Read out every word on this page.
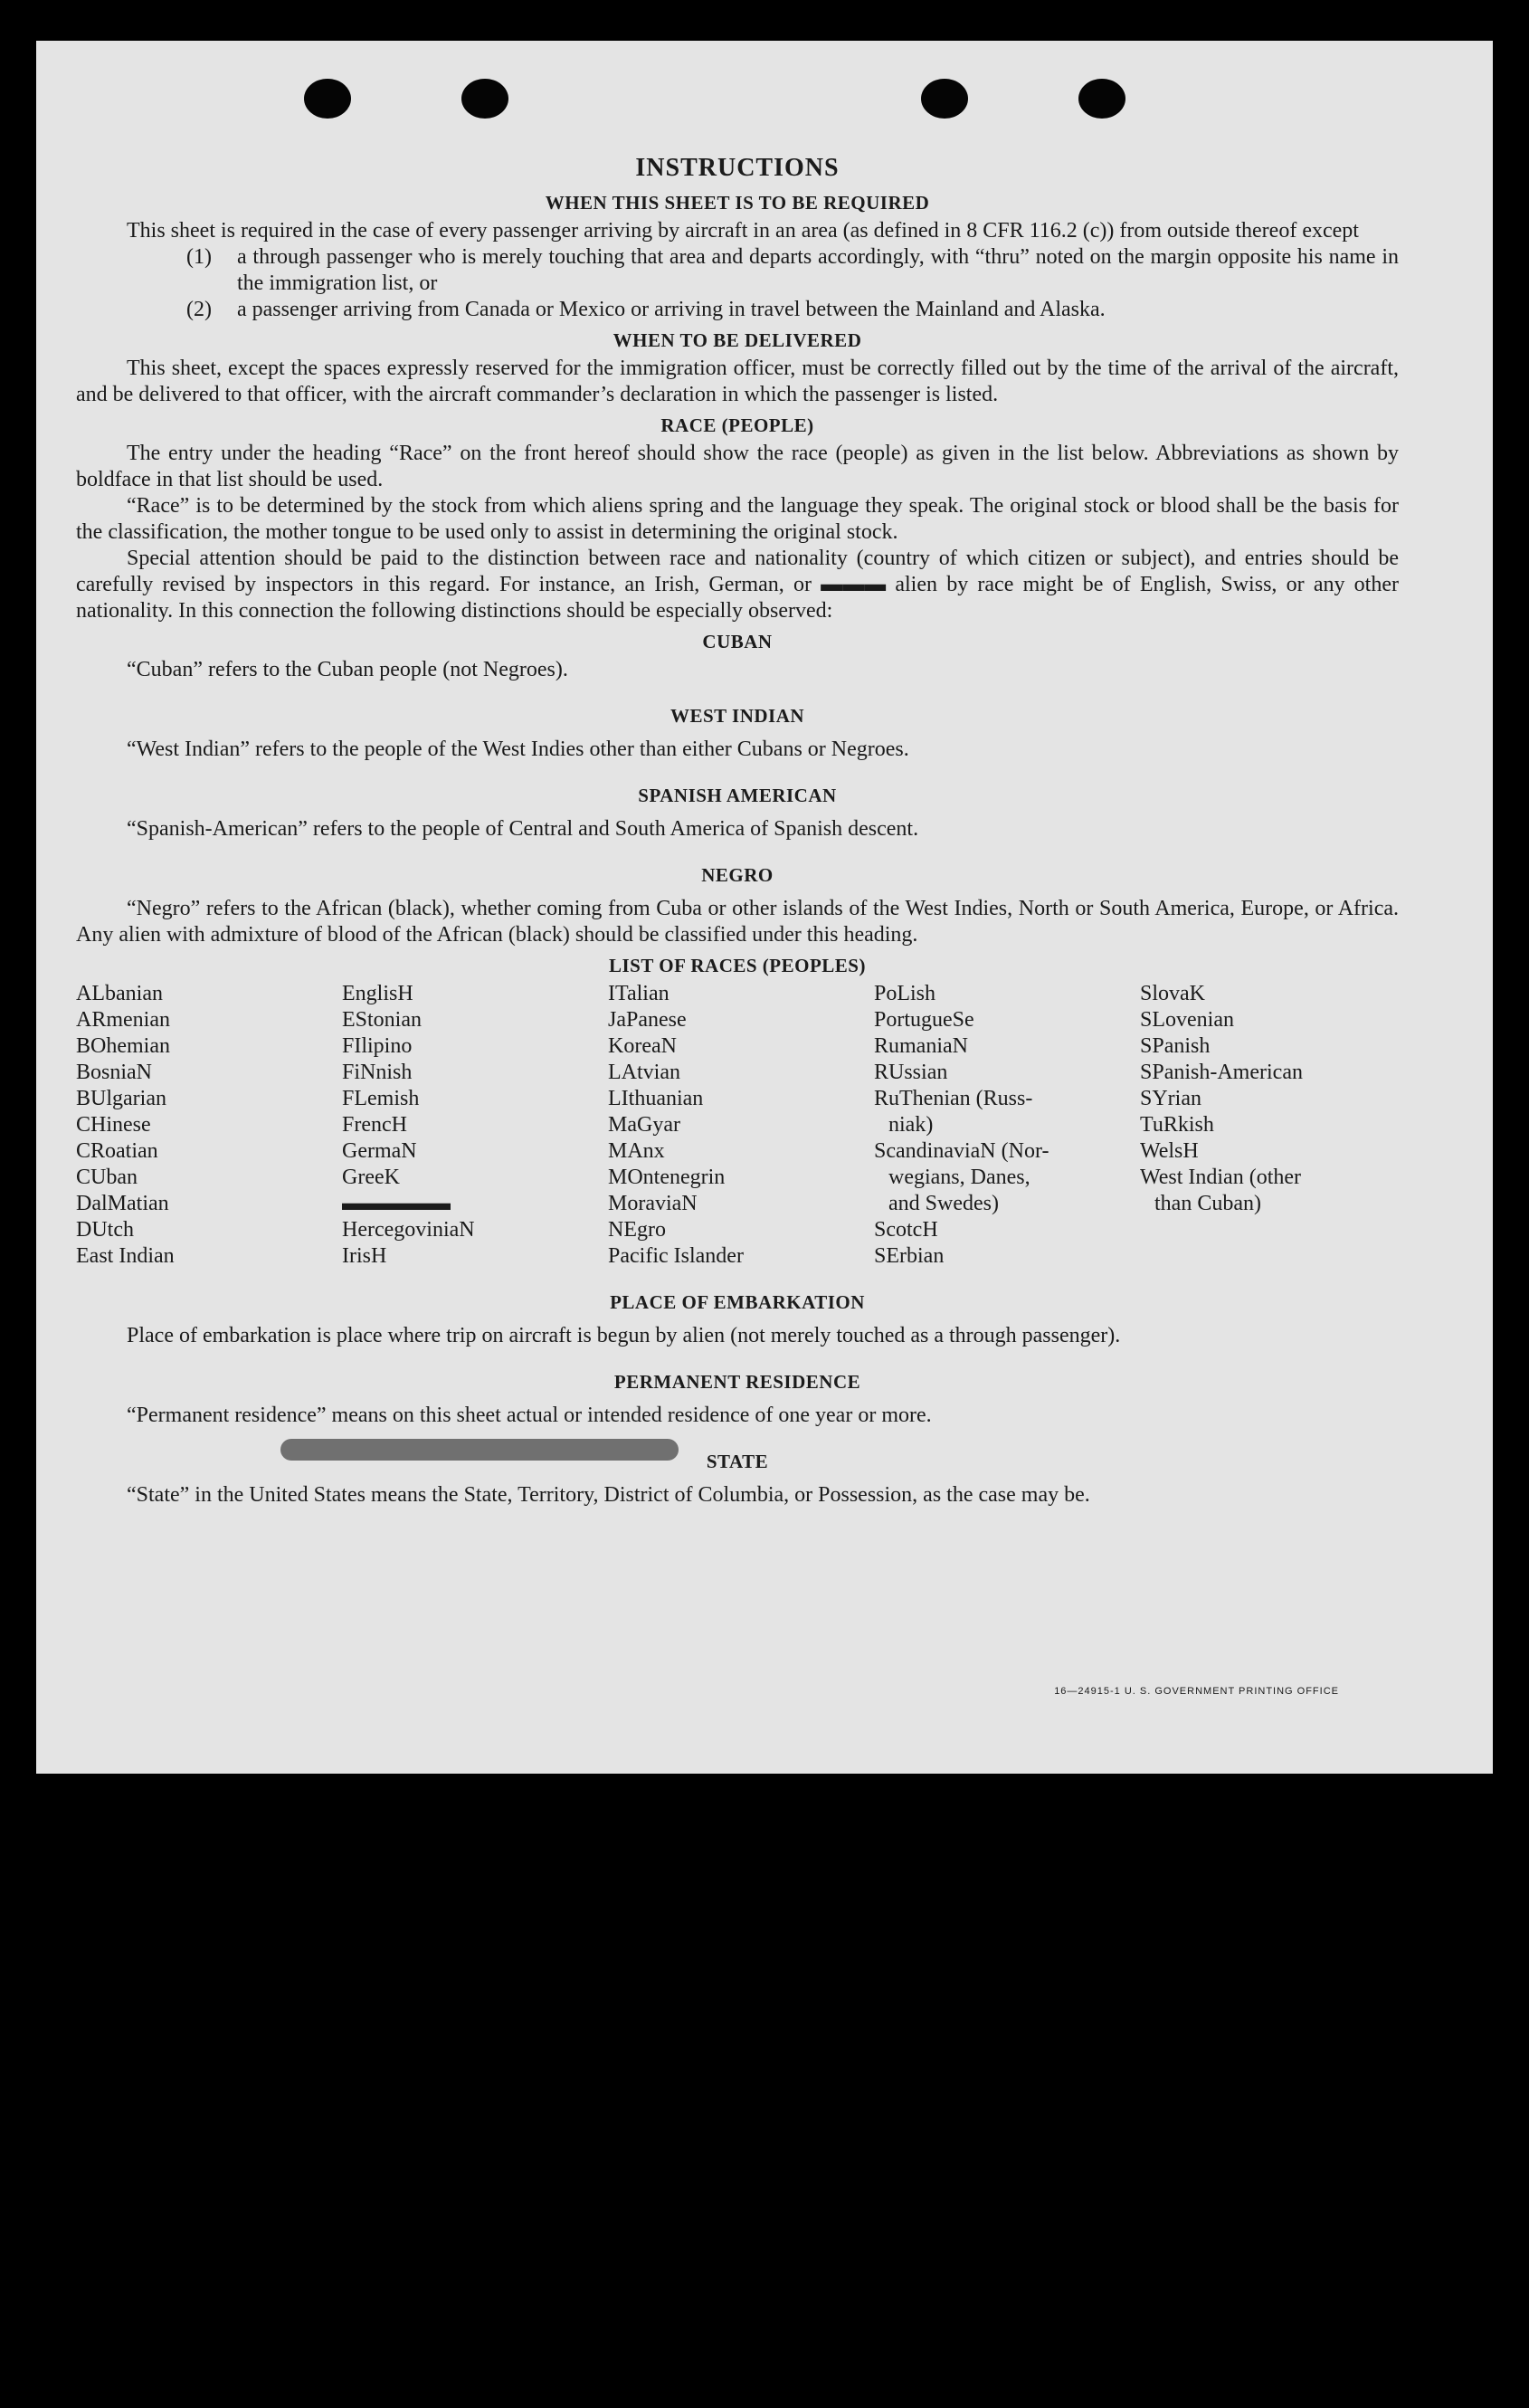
INSTRUCTIONS
WHEN THIS SHEET IS TO BE REQUIRED

This sheet is required in the case of every passenger arriving by aircraft in an area (as defined in 8 CFR 116.2 (c)) from outside thereof except

(1) a through passenger who is merely touching that area and departs accordingly, with “thru” noted on the margin opposite his name in the immigration list, or
(2) a passenger arriving from Canada or Mexico or arriving in travel between the Mainland and Alaska.
WHEN TO BE DELIVERED

This sheet, except the spaces expressly reserved for the immigration officer, must be correctly filled out by the time of the arrival of the aircraft, and be delivered to that officer, with the aircraft commander’s declaration in which the passenger is listed.

RACE (PEOPLE)

The entry under the heading “Race” on the front hereof should show the race (people) as given in the list below. Abbreviations as shown by boldface in that list should be used.

“Race” is to be determined by the stock from which aliens spring and the language they speak. The original stock or blood shall be the basis for the classification, the mother tongue to be used only to assist in determining the original stock.

Special attention should be paid to the distinction between race and nationality (country of which citizen or subject), and entries should be carefully revised by inspectors in this regard. For instance, an Irish, German, or ▬▬▬ alien by race might be of English, Swiss, or any other nationality. In this connection the following distinctions should be especially observed:

CUBAN

“Cuban” refers to the Cuban people (not Negroes).

WEST INDIAN

“West Indian” refers to the people of the West Indies other than either Cubans or Negroes.

SPANISH AMERICAN

“Spanish-American” refers to the people of Central and South America of Spanish descent.

NEGRO

“Negro” refers to the African (black), whether coming from Cuba or other islands of the West Indies, North or South America, Europe, or Africa. Any alien with admixture of blood of the African (black) should be classified under this heading.

LIST OF RACES (PEOPLES)
ALbanian
ARmenian
BOhemian
BosniaN
BUlgarian
CHinese
CRoatian
CUban
DalMatian
DUtch
East Indian
EnglisH
EStonian
FIlipino
FiNnish
FLemish
FrencH
GermaN
GreeK
▬▬▬▬▬
HercegoviniaN
IrisH
ITalian
JaPanese
KoreaN
LAtvian
LIthuanian
MaGyar
MAnx
MOntenegrin
MoraviaN
NEgro
Pacific Islander
PoLish
PortugueSe
RumaniaN
RUssian
RuThenian (Russ-
niak)
ScandinaviaN (Nor-
wegians, Danes,
and Swedes)
ScotcH
SErbian
SlovaK
SLovenian
SPanish
SPanish-American
SYrian
TuRkish
WelsH
West Indian (other
than Cuban)
PLACE OF EMBARKATION

Place of embarkation is place where trip on aircraft is begun by alien (not merely touched as a through passenger).

PERMANENT RESIDENCE

“Permanent residence” means on this sheet actual or intended residence of one year or more.

STATE

“State” in the United States means the State, Territory, District of Columbia, or Possession, as the case may be.

16—24915-1 U. S. GOVERNMENT PRINTING OFFICE
